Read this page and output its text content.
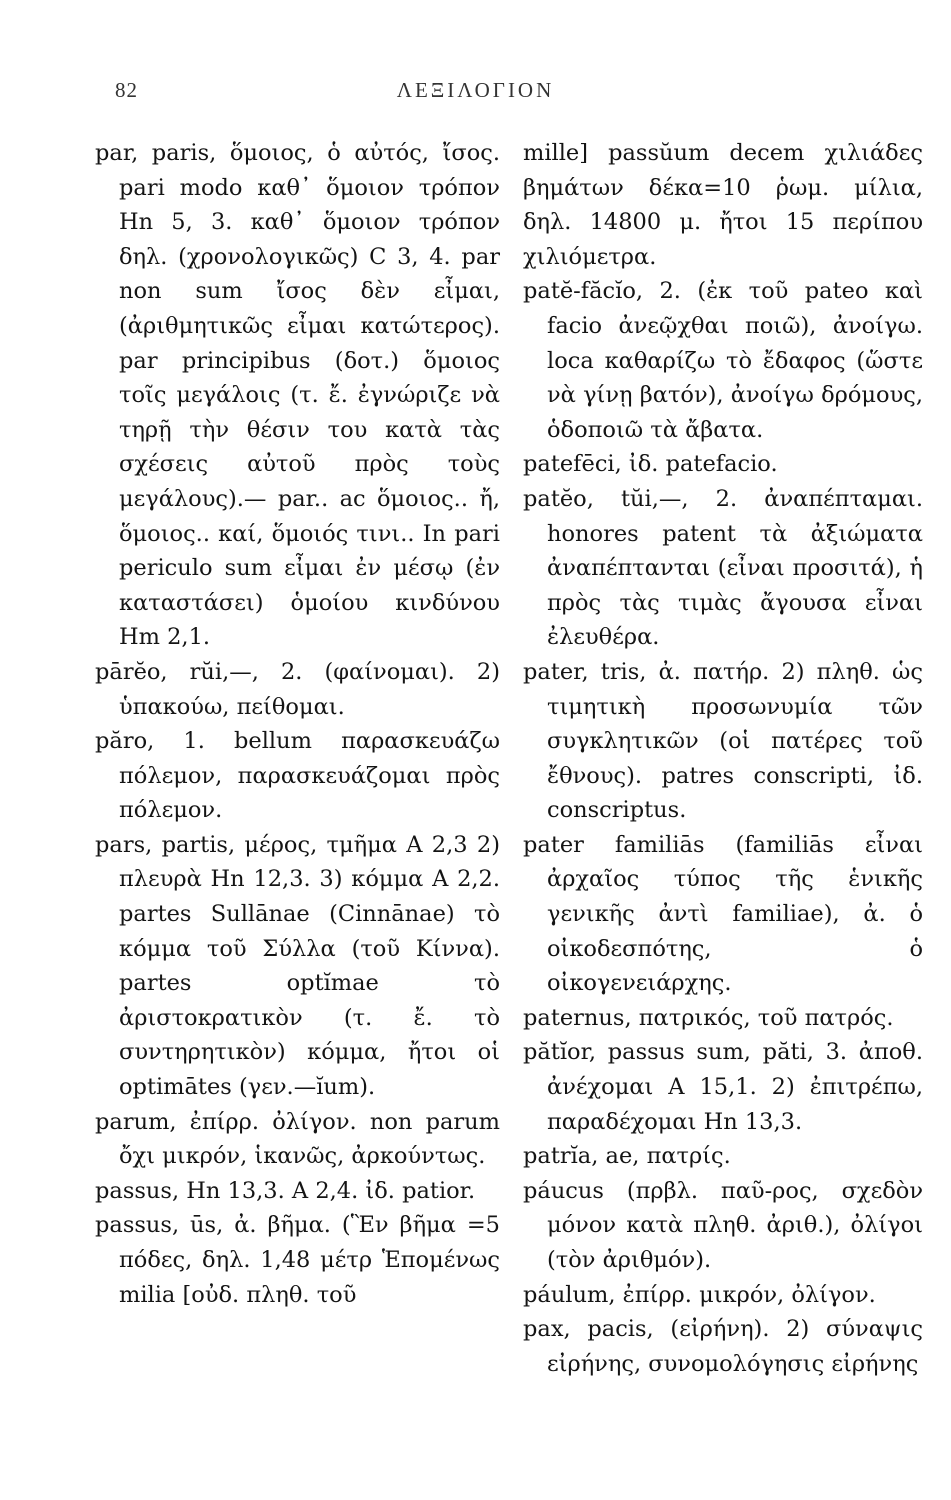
82	ΛΕΞΙΛΟΓΙΟΝ

par, paris, ὅμοιος, ὁ αὐτός, ἴσος. pari modo καθ᾽ ὅμοιον τρόπον Hn 5, 3. καθ᾽ ὅμοιον τρόπον δηλ. (χρονολογικῶς) C 3, 4. par non sum ἴσος δὲν εἶμαι, (ἀριθμητικῶς εἶμαι κατώτερος). par principibus (δοτ.) ὅμοιος τοῖς μεγάλοις (τ. ἔ. ἐγνώριζε νὰ τηρῇ τὴν θέσιν του κατὰ τὰς σχέσεις αὐτοῦ πρὸς τοὺς μεγάλους).— par.. ac ὅμοιος.. ἤ, ὅμοιος.. καί, ὅμοιός τινι.. In pari periculo sum εἶμαι ἐν μέσῳ (ἐν καταστάσει) ὁμοίου κινδύνου Hm 2,1.

pārĕo, rŭi,—, 2. (φαίνομαι). 2) ὑπακούω, πείθομαι.

păro, 1. bellum παρασκευάζω πόλεμον, παρασκευάζομαι πρὸς πόλεμον.

pars, partis, μέρος, τμῆμα Α 2,3 2) πλευρὰ Hn 12,3. 3) κόμμα Α 2,2. partes Sullānae (Cinnānae) τὸ κόμμα τοῦ Σύλλα (τοῦ Κίννα). partes optĭmae τὸ ἀριστοκρατικὸν (τ. ἔ. τὸ συντηρητικὸν) κόμμα, ἤτοι οἱ optimātes (γεν.—ĭum).

parum, ἐπίρρ. ὀλίγον. non parum ὄχι μικρόν, ἱκανῶς, ἀρκούντως.

passus, Hn 13,3. Α 2,4. ἰδ. patior.

passus, ūs, ἀ. βῆμα. (Ἓν βῆμα =5 πόδες, δηλ. 1,48 μέτρ Ἑπομένως milia [οὐδ. πληθ. τοῦ

mille] passŭum decem χιλιάδες βημάτων δέκα=10 ῥωμ. μίλια, δηλ. 14800 μ. ἤτοι 15 περίπου χιλιόμετρα.

patĕ-făcĭo, 2. (ἐκ τοῦ pateo καὶ facio ἀνεῷχθαι ποιῶ), ἀνοίγω. loca καθαρίζω τὸ ἔδαφος (ὥστε νὰ γίνῃ βατόν), ἀνοίγω δρόμους, ὁδοποιῶ τὰ ἄβατα.

patefēci, ἰδ. patefacio.

patĕo, tŭi,—, 2. ἀναπέπταμαι. honores patent τὰ ἀξιώματα ἀναπέπτανται (εἶναι προσιτά), ἡ πρὸς τὰς τιμὰς ἄγουσα εἶναι ἐλευθέρα.

pater, tris, ἀ. πατήρ. 2) πληθ. ὡς τιμητικὴ προσωνυμία τῶν συγκλητικῶν (οἱ πατέρες τοῦ ἔθνους). patres conscripti, ἰδ. conscriptus.

pater familiās (familiās εἶναι ἀρχαῖος τύπος τῆς ἑνικῆς γενικῆς ἀντὶ familiae), ἀ. ὁ οἰκοδεσπότης, ὁ οἰκογενειάρχης.

paternus, πατρικός, τοῦ πατρός.

pătĭor, passus sum, păti, 3. ἀποθ. ἀνέχομαι Α 15,1. 2) ἐπιτρέπω, παραδέχομαι Hn 13,3.

patrĭa, ae, πατρίς.

páucus (πρβλ. παῦ-ρος, σχεδὸν μόνον κατὰ πληθ. ἀριθ.), ὀλίγοι (τὸν ἀριθμόν).

páulum, ἐπίρρ. μικρόν, ὀλίγον.

pax, pacis, (εἰρήνη). 2) σύναψις εἰρήνης, συνομολόγησις εἰρήνης
